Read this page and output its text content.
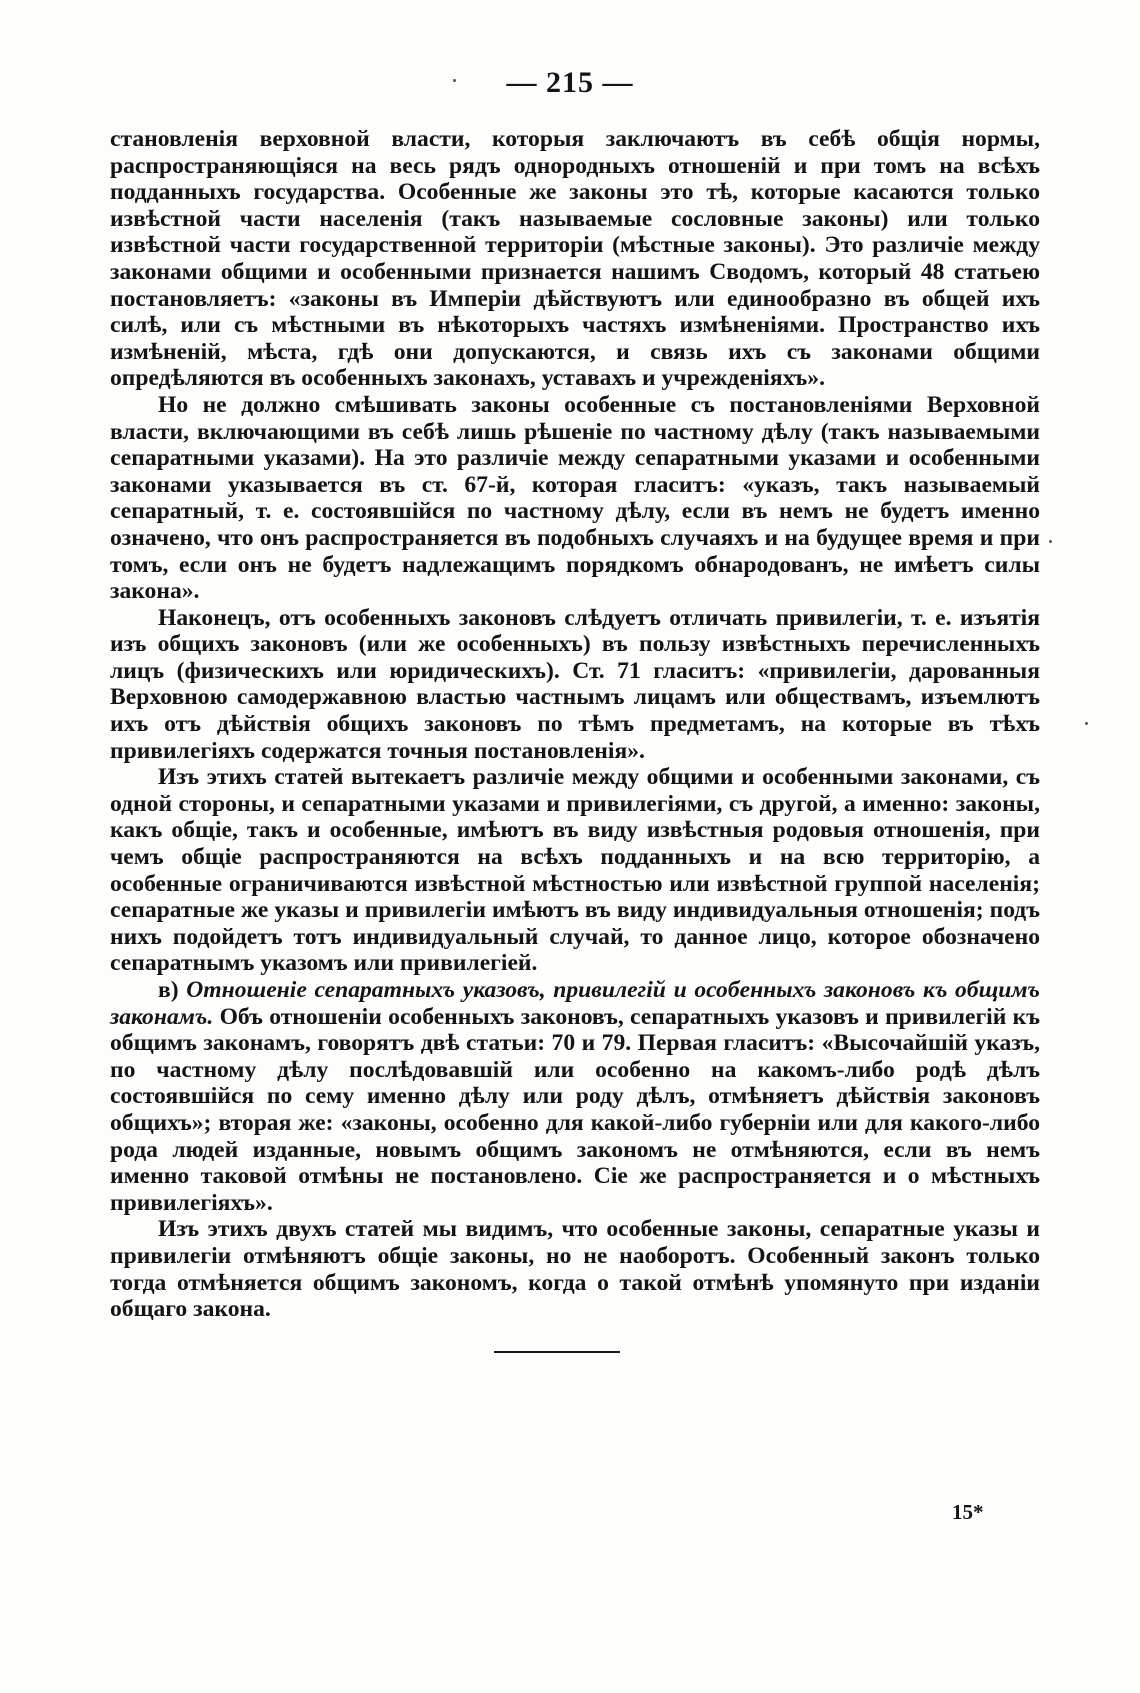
— 215 —

становленія верховной власти, которыя заключаютъ въ себѣ общія нормы, распространяющіяся на весь рядъ однородныхъ отношеній и при томъ на всѣхъ подданныхъ государства. Особенные же законы это тѣ, которые касаются только извѣстной части населенія (такъ называемые сословные законы) или только извѣстной части государственной территоріи (мѣстные законы). Это различіе между законами общими и особенными признается нашимъ Сводомъ, который 48 статьею постановляетъ: «законы въ Имперіи дѣйствуютъ или единообразно въ общей ихъ силѣ, или съ мѣстными въ нѣкоторыхъ частяхъ измѣненіями. Пространство ихъ измѣненій, мѣста, гдѣ они допускаются, и связь ихъ съ законами общими опредѣляются въ особенныхъ законахъ, уставахъ и учрежденіяхъ».

Но не должно смѣшивать законы особенные съ постановленіями Верховной власти, включающими въ себѣ лишь рѣшеніе по частному дѣлу (такъ называемыми сепаратными указами). На это различіе между сепаратными указами и особенными законами указывается въ ст. 67-й, которая гласитъ: «указъ, такъ называемый сепаратный, т. е. состоявшійся по частному дѣлу, если въ немъ не будетъ именно означено, что онъ распространяется въ подобныхъ случаяхъ и на будущее время и при томъ, если онъ не будетъ надлежащимъ порядкомъ обнародованъ, не имѣетъ силы закона».

Наконецъ, отъ особенныхъ законовъ слѣдуетъ отличать привилегіи, т. е. изъятія изъ общихъ законовъ (или же особенныхъ) въ пользу извѣстныхъ перечисленныхъ лицъ (физическихъ или юридическихъ). Ст. 71 гласитъ: «привилегіи, дарованныя Верховною самодержавною властью частнымъ лицамъ или обществамъ, изъемлютъ ихъ отъ дѣйствія общихъ законовъ по тѣмъ предметамъ, на которые въ тѣхъ привилегіяхъ содержатся точныя постановленія».

Изъ этихъ статей вытекаетъ различіе между общими и особенными законами, съ одной стороны, и сепаратными указами и привилегіями, съ другой, а именно: законы, какъ общіе, такъ и особенные, имѣютъ въ виду извѣстныя родовыя отношенія, при чемъ общіе распространяются на всѣхъ подданныхъ и на всю территорію, а особенные ограничиваются извѣстной мѣстностью или извѣстной группой населенія; сепаратные же указы и привилегіи имѣютъ въ виду индивидуальныя отношенія; подъ нихъ подойдетъ тотъ индивидуальный случай, то данное лицо, которое обозначено сепаратнымъ указомъ или привилегіей.

в) Отношеніе сепаратныхъ указовъ, привилегій и особенныхъ законовъ къ общимъ законамъ. Объ отношеніи особенныхъ законовъ, сепаратныхъ указовъ и привилегій къ общимъ законамъ, говорятъ двѣ статьи: 70 и 79. Первая гласитъ: «Высочайшій указъ, по частному дѣлу послѣдовавшій или особенно на какомъ-либо родѣ дѣлъ состоявшійся по сему именно дѣлу или роду дѣлъ, отмѣняетъ дѣйствія законовъ общихъ»; вторая же: «законы, особенно для какой-либо губерніи или для какого-либо рода людей изданные, новымъ общимъ закономъ не отмѣняются, если въ немъ именно таковой отмѣны не постановлено. Сіе же распространяется и о мѣстныхъ привилегіяхъ».

Изъ этихъ двухъ статей мы видимъ, что особенные законы, сепаратные указы и привилегіи отмѣняютъ общіе законы, но не наоборотъ. Особенный законъ только тогда отмѣняется общимъ закономъ, когда о такой отмѣнѣ упомянуто при изданіи общаго закона.

15*
